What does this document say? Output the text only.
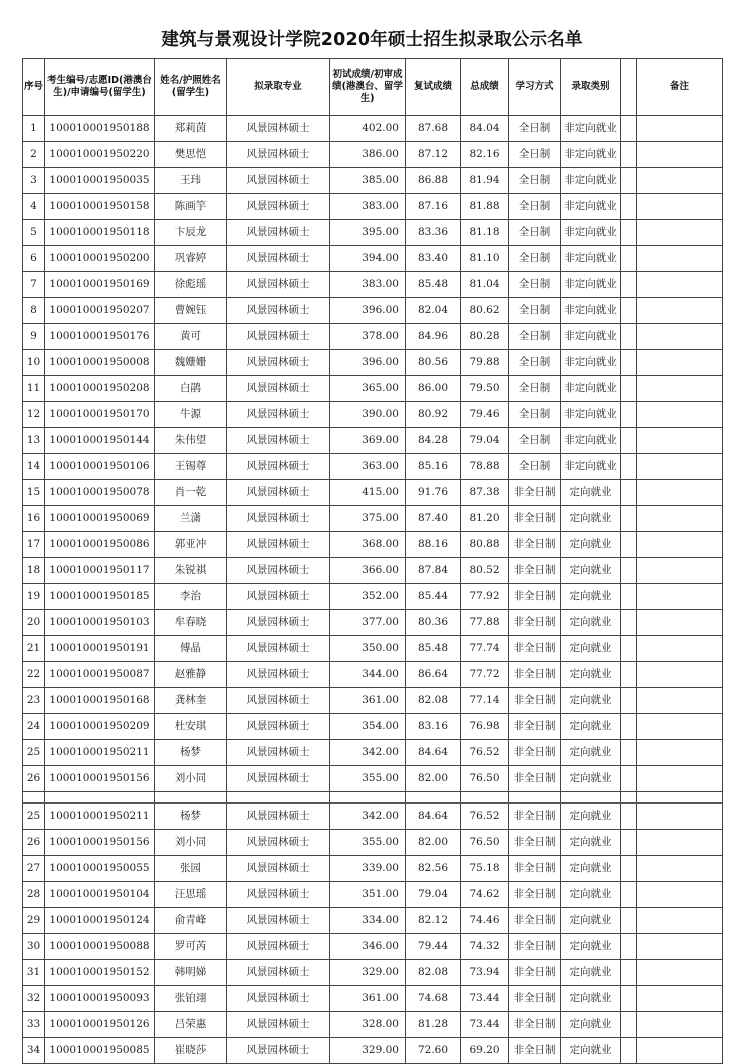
建筑与景观设计学院2020年硕士招生拟录取公示名单
序号	考生编号/志愿ID(港澳台生)/申请编号(留学生)	姓名/护照姓名(留学生)	拟录取专业	初试成绩/初审成绩(港澳台、留学生)	复试成绩	总成绩	学习方式	录取类别		备注
1	100010001950188	郑莉茵	风景园林硕士	402.00	87.68	84.04	全日制	非定向就业		
2	100010001950220	樊思恺	风景园林硕士	386.00	87.12	82.16	全日制	非定向就业		
3	100010001950035	王玮	风景园林硕士	385.00	86.88	81.94	全日制	非定向就业		
4	100010001950158	陈画竽	风景园林硕士	383.00	87.16	81.88	全日制	非定向就业		
5	100010001950118	卞辰龙	风景园林硕士	395.00	83.36	81.18	全日制	非定向就业		
6	100010001950200	巩睿婷	风景园林硕士	394.00	83.40	81.10	全日制	非定向就业		
7	100010001950169	徐彪瑶	风景园林硕士	383.00	85.48	81.04	全日制	非定向就业		
8	100010001950207	曹婉钰	风景园林硕士	396.00	82.04	80.62	全日制	非定向就业		
9	100010001950176	黄可	风景园林硕士	378.00	84.96	80.28	全日制	非定向就业		
10	100010001950008	魏姗姗	风景园林硕士	396.00	80.56	79.88	全日制	非定向就业		
11	100010001950208	白鹃	风景园林硕士	365.00	86.00	79.50	全日制	非定向就业		
12	100010001950170	牛源	风景园林硕士	390.00	80.92	79.46	全日制	非定向就业		
13	100010001950144	朱伟望	风景园林硕士	369.00	84.28	79.04	全日制	非定向就业		
14	100010001950106	王锡尊	风景园林硕士	363.00	85.16	78.88	全日制	非定向就业		
15	100010001950078	肖一乾	风景园林硕士	415.00	91.76	87.38	非全日制	定向就业		
16	100010001950069	兰潇	风景园林硕士	375.00	87.40	81.20	非全日制	定向就业		
17	100010001950086	郭亚冲	风景园林硕士	368.00	88.16	80.88	非全日制	定向就业		
18	100010001950117	朱锐祺	风景园林硕士	366.00	87.84	80.52	非全日制	定向就业		
19	100010001950185	李治	风景园林硕士	352.00	85.44	77.92	非全日制	定向就业		
20	100010001950103	牟春晓	风景园林硕士	377.00	80.36	77.88	非全日制	定向就业		
21	100010001950191	傅晶	风景园林硕士	350.00	85.48	77.74	非全日制	定向就业		
22	100010001950087	赵雅静	风景园林硕士	344.00	86.64	77.72	非全日制	定向就业		
23	100010001950168	龚林奎	风景园林硕士	361.00	82.08	77.14	非全日制	定向就业		
24	100010001950209	杜安琪	风景园林硕士	354.00	83.16	76.98	非全日制	定向就业		
25	100010001950211	杨梦	风景园林硕士	342.00	84.64	76.52	非全日制	定向就业		
26	100010001950156	刘小同	风景园林硕士	355.00	82.00	76.50	非全日制	定向就业		

25	100010001950211	杨梦	风景园林硕士	342.00	84.64	76.52	非全日制	定向就业		
26	100010001950156	刘小同	风景园林硕士	355.00	82.00	76.50	非全日制	定向就业		
27	100010001950055	张园	风景园林硕士	339.00	82.56	75.18	非全日制	定向就业		
28	100010001950104	汪思瑶	风景园林硕士	351.00	79.04	74.62	非全日制	定向就业		
29	100010001950124	俞青峰	风景园林硕士	334.00	82.12	74.46	非全日制	定向就业		
30	100010001950088	罗可芮	风景园林硕士	346.00	79.44	74.32	非全日制	定向就业		
31	100010001950152	韩明娣	风景园林硕士	329.00	82.08	73.94	非全日制	定向就业		
32	100010001950093	张铂翊	风景园林硕士	361.00	74.68	73.44	非全日制	定向就业		
33	100010001950126	吕荣惠	风景园林硕士	328.00	81.28	73.44	非全日制	定向就业		
34	100010001950085	崔晓莎	风景园林硕士	329.00	72.60	69.20	非全日制	定向就业		
